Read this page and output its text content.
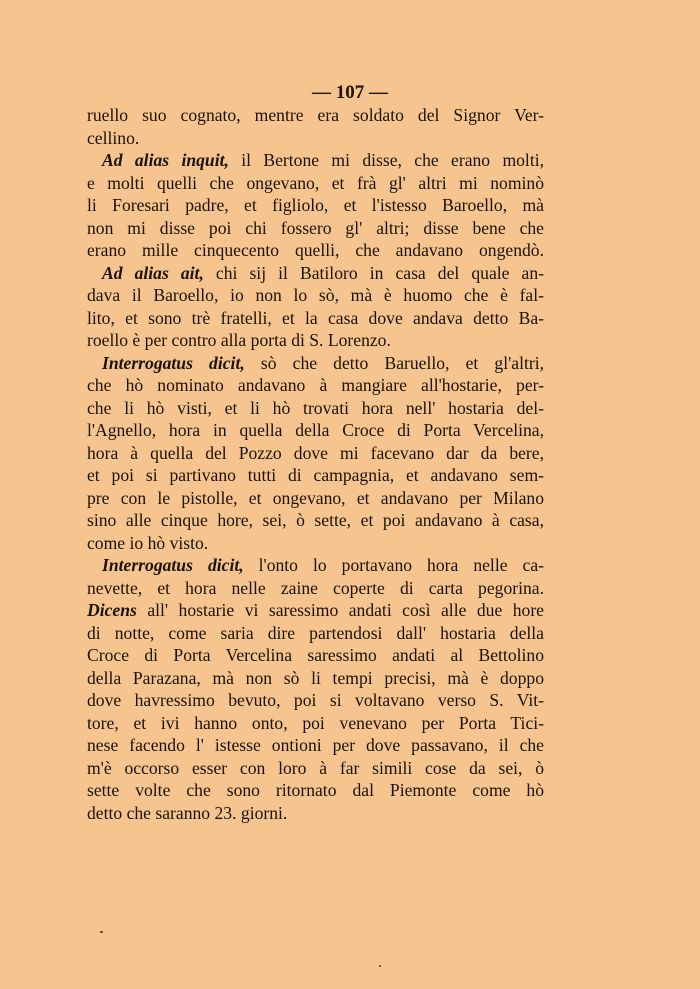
— 107 —
ruello suo cognato, mentre era soldato del Signor Ver-
cellino.
Ad alias inquit, il Bertone mi disse, che erano molti,
e molti quelli che ongevano, et frà gl' altri mi nominò
li Foresari padre, et figliolo, et l'istesso Baroello, mà
non mi disse poi chi fossero gl' altri; disse bene che
erano mille cinquecento quelli, che andavano ongendò.
Ad alias ait, chi sij il Batiloro in casa del quale an-
dava il Baroello, io non lo sò, mà è huomo che è fal-
lito, et sono trè fratelli, et la casa dove andava detto Ba-
roello è per contro alla porta di S. Lorenzo.
Interrogatus dicit, sò che detto Baruello, et gl'altri,
che hò nominato andavano à mangiare all'hostarie, per-
che li hò visti, et li hò trovati hora nell' hostaria del-
l'Agnello, hora in quella della Croce di Porta Vercelina,
hora à quella del Pozzo dove mi facevano dar da bere,
et poi si partivano tutti di campagnia, et andavano sem-
pre con le pistolle, et ongevano, et andavano per Milano
sino alle cinque hore, sei, ò sette, et poi andavano à casa,
come io hò visto.
Interrogatus dicit, l'onto lo portavano hora nelle ca-
nevette, et hora nelle zaine coperte di carta pegorina.
Dicens all' hostarie vi saressimo andati così alle due hore
di notte, come saria dire partendosi dall' hostaria della
Croce di Porta Vercelina saressimo andati al Bettolino
della Parazana, mà non sò li tempi precisi, mà è doppo
dove havressimo bevuto, poi si voltavano verso S. Vit-
tore, et ivi hanno onto, poi venevano per Porta Tici-
nese facendo l' istesse ontioni per dove passavano, il che
m'è occorso esser con loro à far simili cose da sei, ò
sette volte che sono ritornato dal Piemonte come hò
detto che saranno 23. giorni.
